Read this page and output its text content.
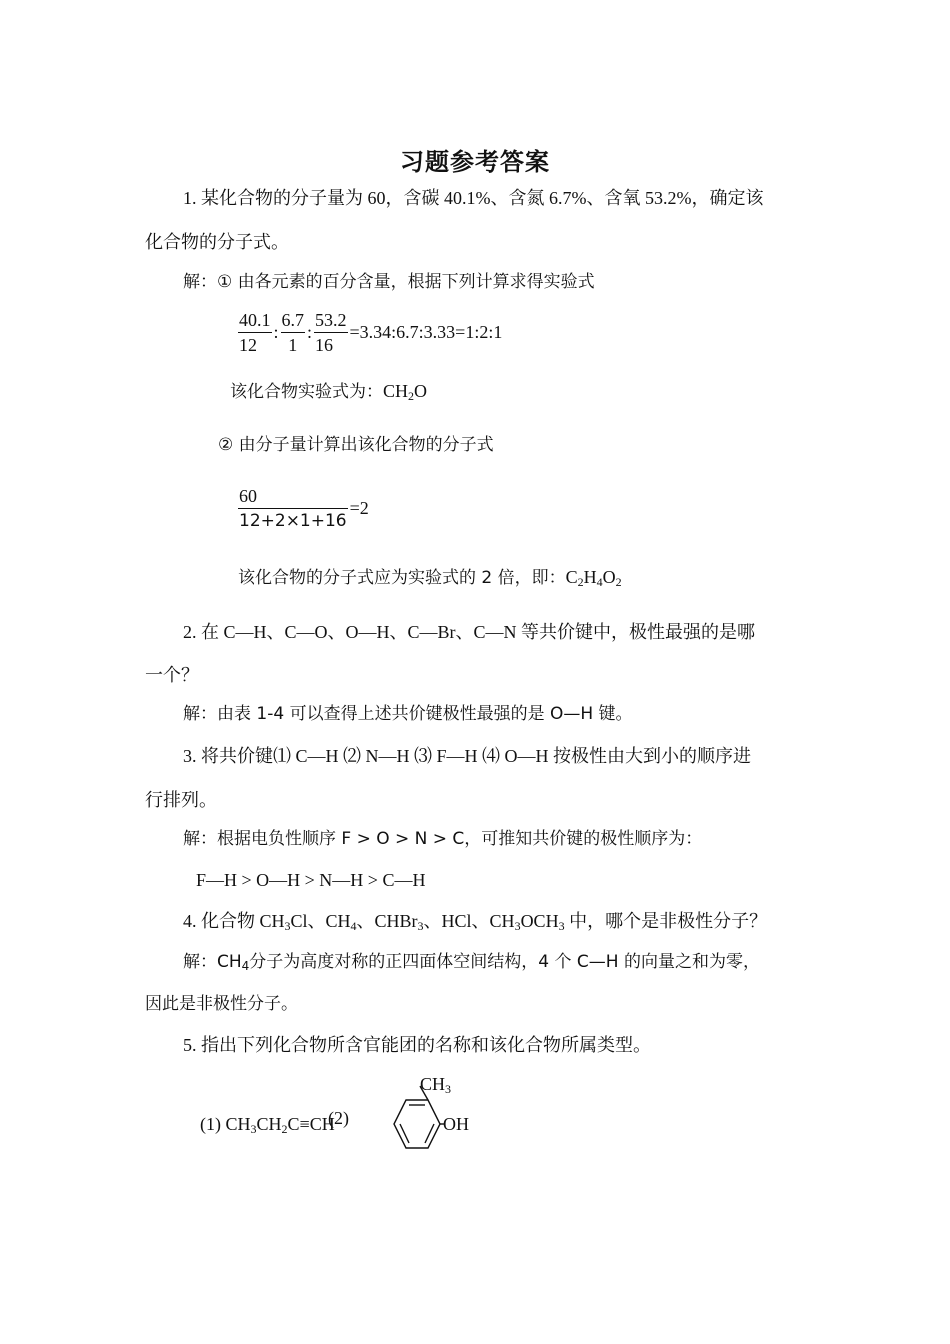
习题参考答案
1. 某化合物的分子量为 60，含碳 40.1%、含氮 6.7%、含氧 53.2%，确定该
化合物的分子式。
解：① 由各元素的百分含量，根据下列计算求得实验式
$\frac{40.1}{12}$ : $\frac{6.7}{1}$ : $\frac{53.2}{16}$ =3.34:6.7:3.33=1:2:1
该化合物实验式为：$CH_2O$
② 由分子量计算出该化合物的分子式
$\frac{60}{12+2\times 1+16} =2$
该化合物的分子式应为实验式的 2 倍，即：$C_2H_4O_2$
2. 在 C—H、C—O、O—H、C—Br、C—N 等共价键中，极性最强的是哪
一个？
解：由表 1-4 可以查得上述共价键极性最强的是 O—H 键。
3. 将共价键⑴ C—H ⑵ N—H ⑶ F—H ⑷ O—H 按极性由大到小的顺序进
行排列。
解：根据电负性顺序 F > O > N > C，可推知共价键的极性顺序为：
F—H > O—H > N—H > C—H
4. 化合物 $CH_3Cl$、$CH_4$、CHBr$_3$、HCl、$CH_3OCH_3$ 中，哪个是非极性分子？
解：$CH_4$分子为高度对称的正四面体空间结构，4 个 C—H 的向量之和为零，
因此是非极性分子。
5. 指出下列化合物所含官能团的名称和该化合物所属类型。
(1) $CH_3CH_2C\equiv CH$
(2)
CH3
OH
